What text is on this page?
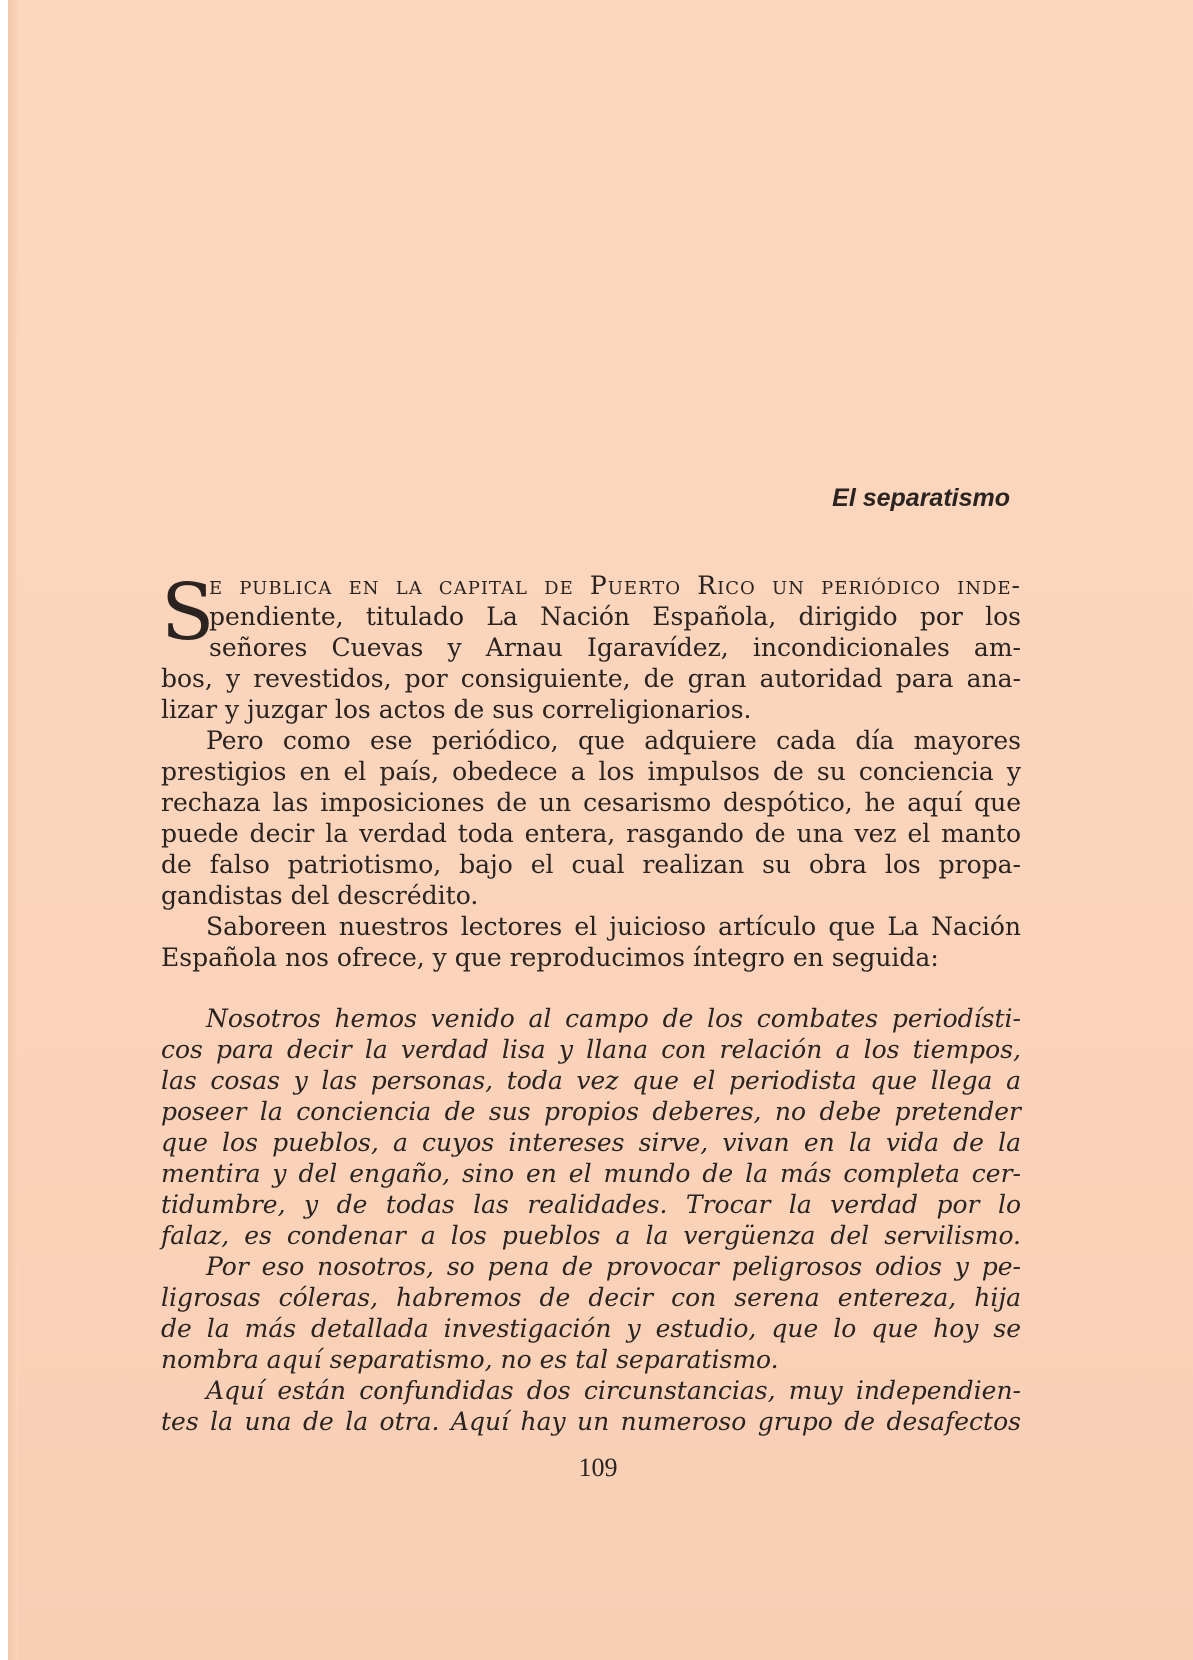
El separatismo
S
e publica en la capital de Puerto Rico un periódico inde-
pendiente, titulado La Nación Española, dirigido por los
señores Cuevas y Arnau Igaravídez, incondicionales am-
bos, y revestidos, por consiguiente, de gran autoridad para ana-
lizar y juzgar los actos de sus correligionarios.
Pero como ese periódico, que adquiere cada día mayores
prestigios en el país, obedece a los impulsos de su conciencia y
rechaza las imposiciones de un cesarismo despótico, he aquí que
puede decir la verdad toda entera, rasgando de una vez el manto
de falso patriotismo, bajo el cual realizan su obra los propa-
gandistas del descrédito.
Saboreen nuestros lectores el juicioso artículo que La Nación
Española nos ofrece, y que reproducimos íntegro en seguida:
Nosotros hemos venido al campo de los combates periodísti-
cos para decir la verdad lisa y llana con relación a los tiempos,
las cosas y las personas, toda vez que el periodista que llega a
poseer la conciencia de sus propios deberes, no debe pretender
que los pueblos, a cuyos intereses sirve, vivan en la vida de la
mentira y del engaño, sino en el mundo de la más completa cer-
tidumbre, y de todas las realidades. Trocar la verdad por lo
falaz, es condenar a los pueblos a la vergüenza del servilismo.
Por eso nosotros, so pena de provocar peligrosos odios y pe-
ligrosas cóleras, habremos de decir con serena entereza, hija
de la más detallada investigación y estudio, que lo que hoy se
nombra aquí separatismo, no es tal separatismo.
Aquí están confundidas dos circunstancias, muy independien-
tes la una de la otra. Aquí hay un numeroso grupo de desafectos
109
